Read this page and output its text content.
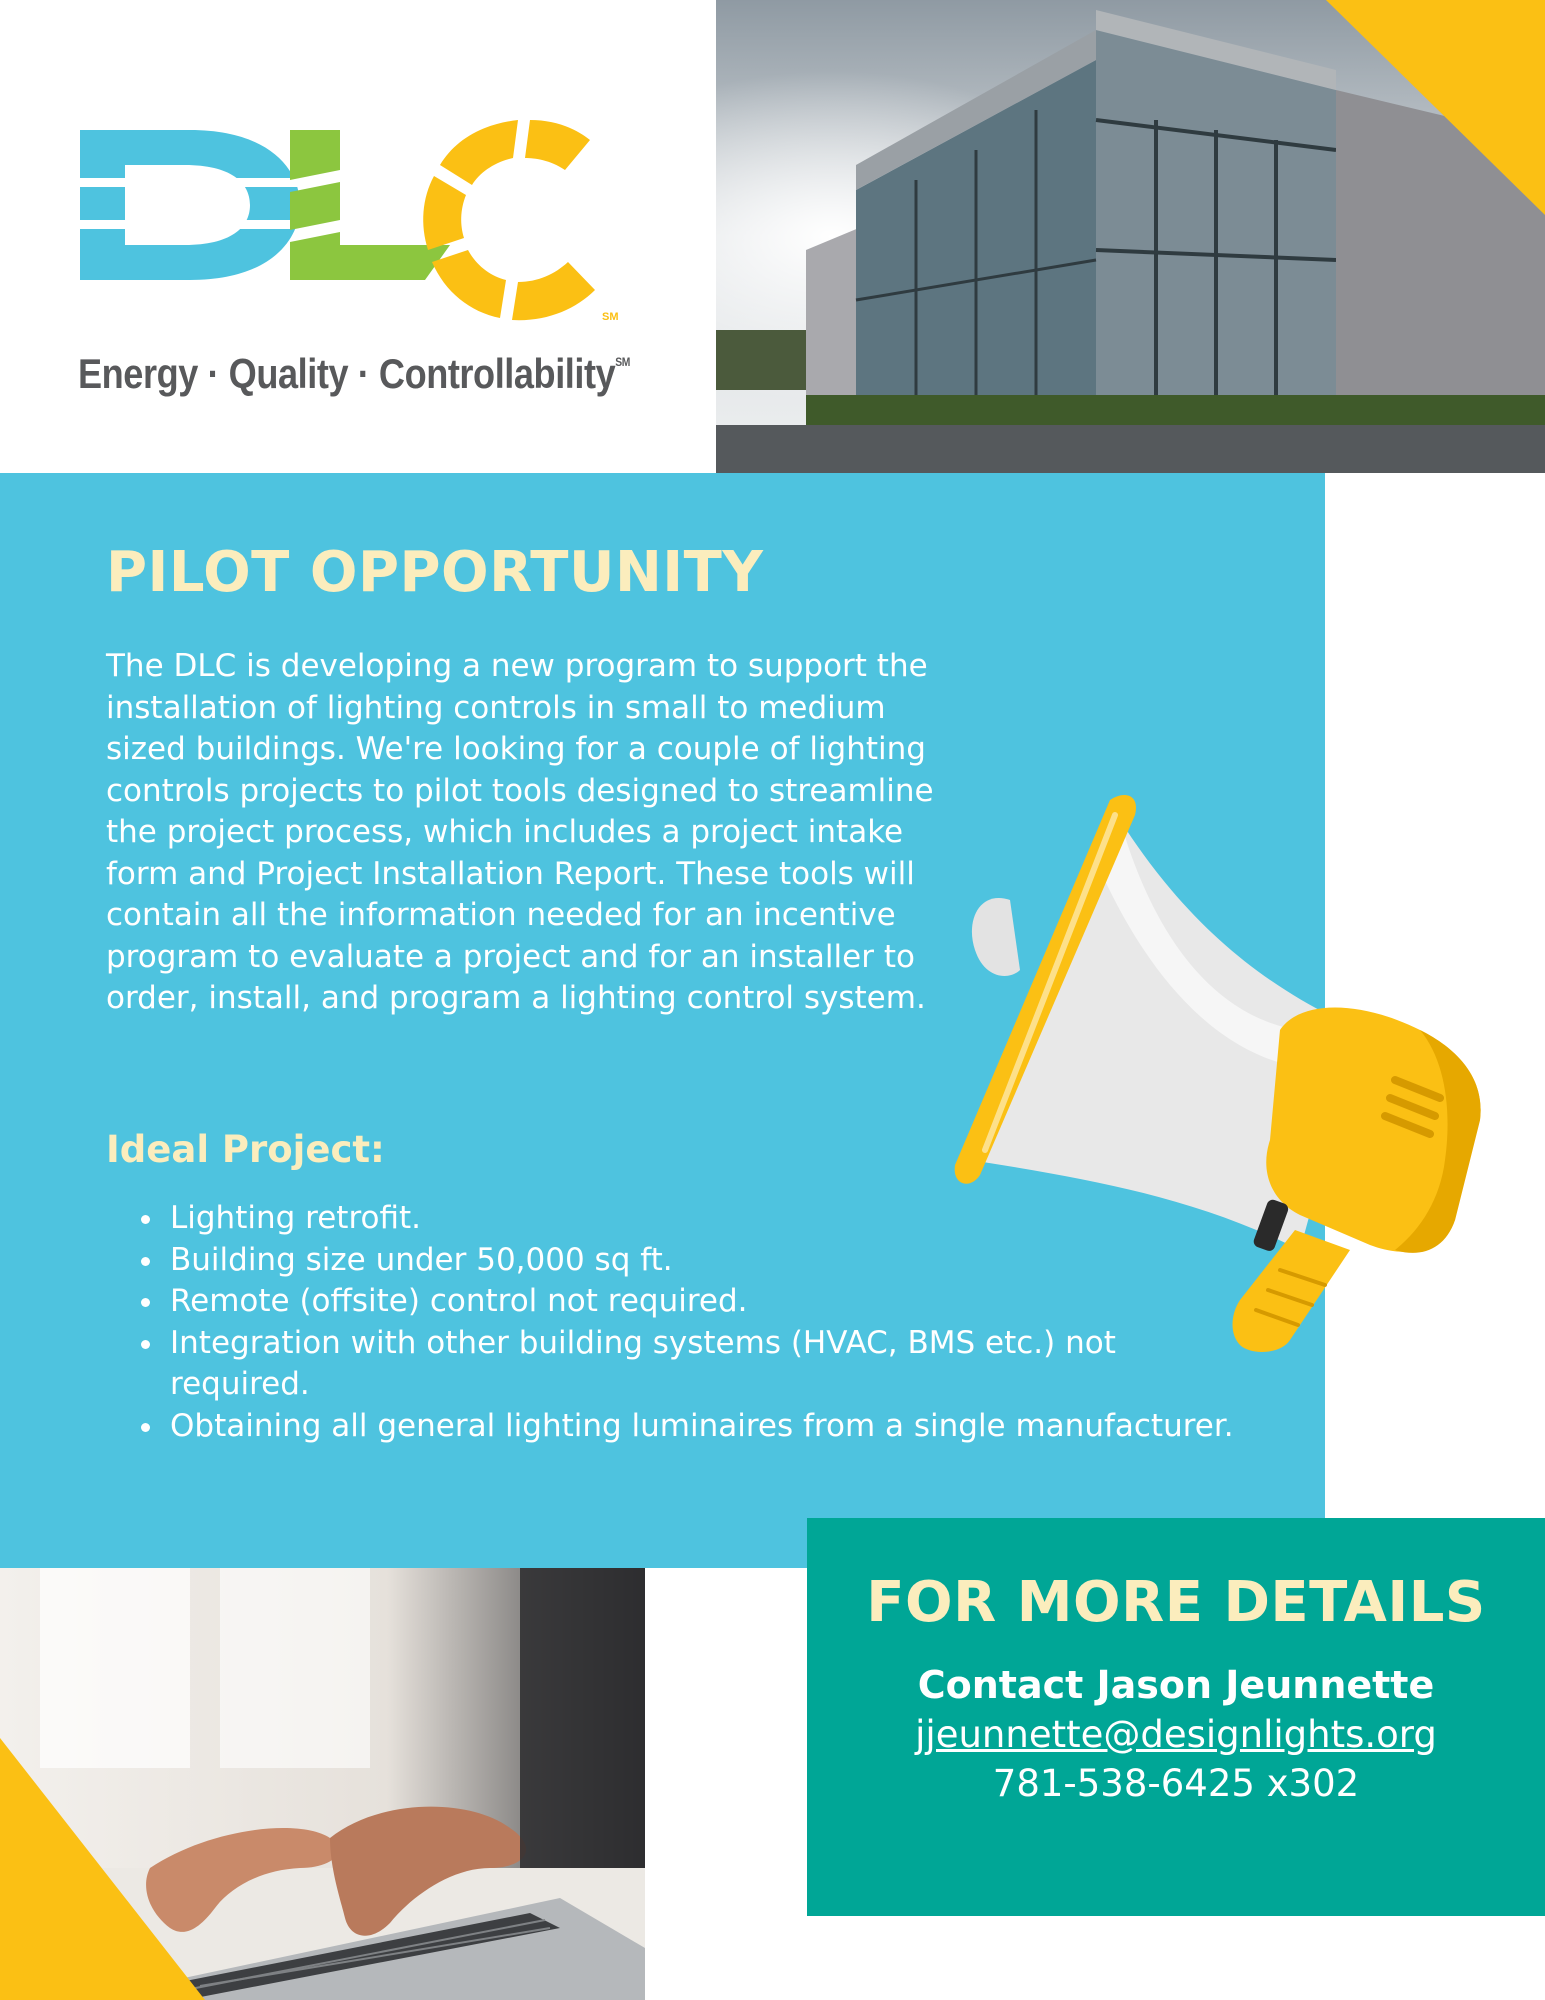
SM
Energy · Quality · Controllability℠
PILOT OPPORTUNITY

The DLC is developing a new program to support the installation of lighting controls in small to medium sized buildings. We're looking for a couple of lighting controls projects to pilot tools designed to streamline the project process, which includes a project intake form and Project Installation Report. These tools will contain all the information needed for an incentive program to evaluate a project and for an installer to order, install, and program a lighting control system.

Ideal Project:
• Lighting retrofit.
• Building size under 50,000 sq ft.
• Remote (offsite) control not required.
• Integration with other building systems (HVAC, BMS etc.) not required.
• Obtaining all general lighting luminaires from a single manufacturer.
FOR MORE DETAILS

Contact Jason Jeunnette

jjeunnette@designlights.org

781-538-6425 x302
